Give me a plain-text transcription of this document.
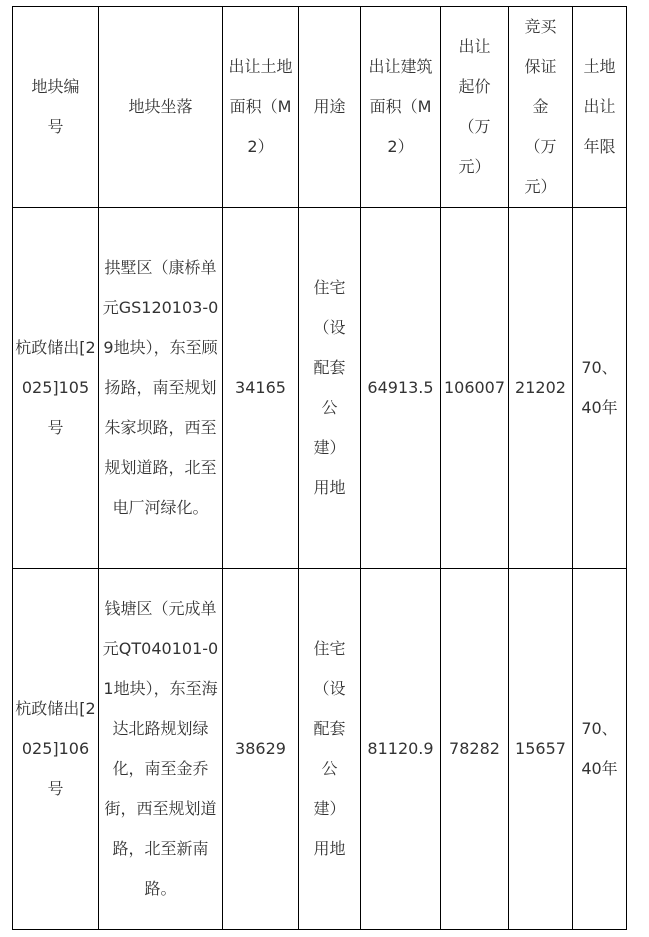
地块编号	地块坐落	出让土地面积（M2）	用途	出让建筑面积（M2）	出让起价（万元）	竞买保证金（万元）	土地出让年限
杭政储出[2025]105号	拱墅区（康桥单元GS120103-09地块），东至顾扬路，南至规划朱家坝路，西至规划道路，北至电厂河绿化。	34165	住宅（设配套公建）用地	64913.5	106007	21202	70、40年
杭政储出[2025]106号	钱塘区（元成单元QT040101-01地块），东至海达北路规划绿化，南至金乔街，西至规划道路，北至新南路。	38629	住宅（设配套公建）用地	81120.9	78282	15657	70、40年
